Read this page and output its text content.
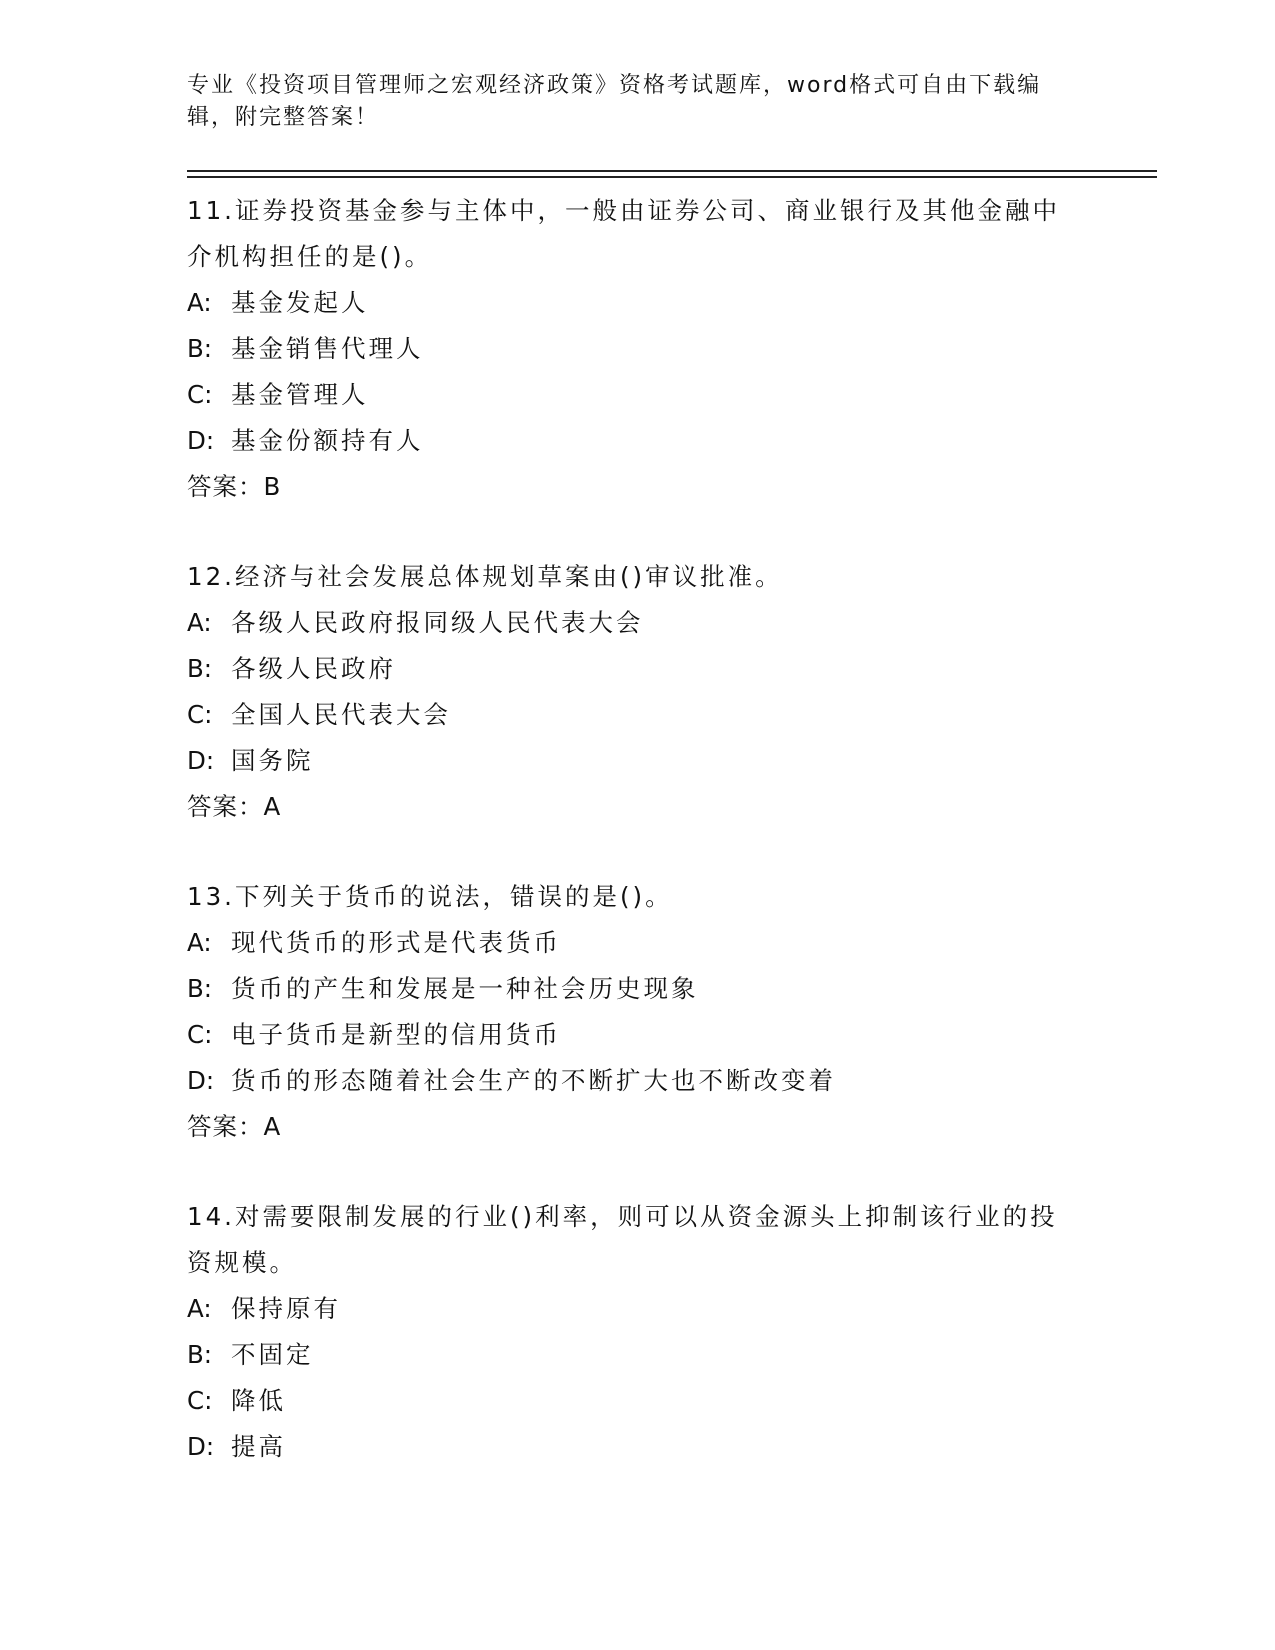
专业《投资项目管理师之宏观经济政策》资格考试题库，word格式可自由下载编辑，附完整答案！
11.证券投资基金参与主体中，一般由证券公司、商业银行及其他金融中介机构担任的是()。
A: 基金发起人
B: 基金销售代理人
C: 基金管理人
D: 基金份额持有人
答案：B
12.经济与社会发展总体规划草案由()审议批准。
A: 各级人民政府报同级人民代表大会
B: 各级人民政府
C: 全国人民代表大会
D: 国务院
答案：A
13.下列关于货币的说法，错误的是()。
A: 现代货币的形式是代表货币
B: 货币的产生和发展是一种社会历史现象
C: 电子货币是新型的信用货币
D: 货币的形态随着社会生产的不断扩大也不断改变着
答案：A
14.对需要限制发展的行业()利率，则可以从资金源头上抑制该行业的投资规模。
A: 保持原有
B: 不固定
C: 降低
D: 提高
